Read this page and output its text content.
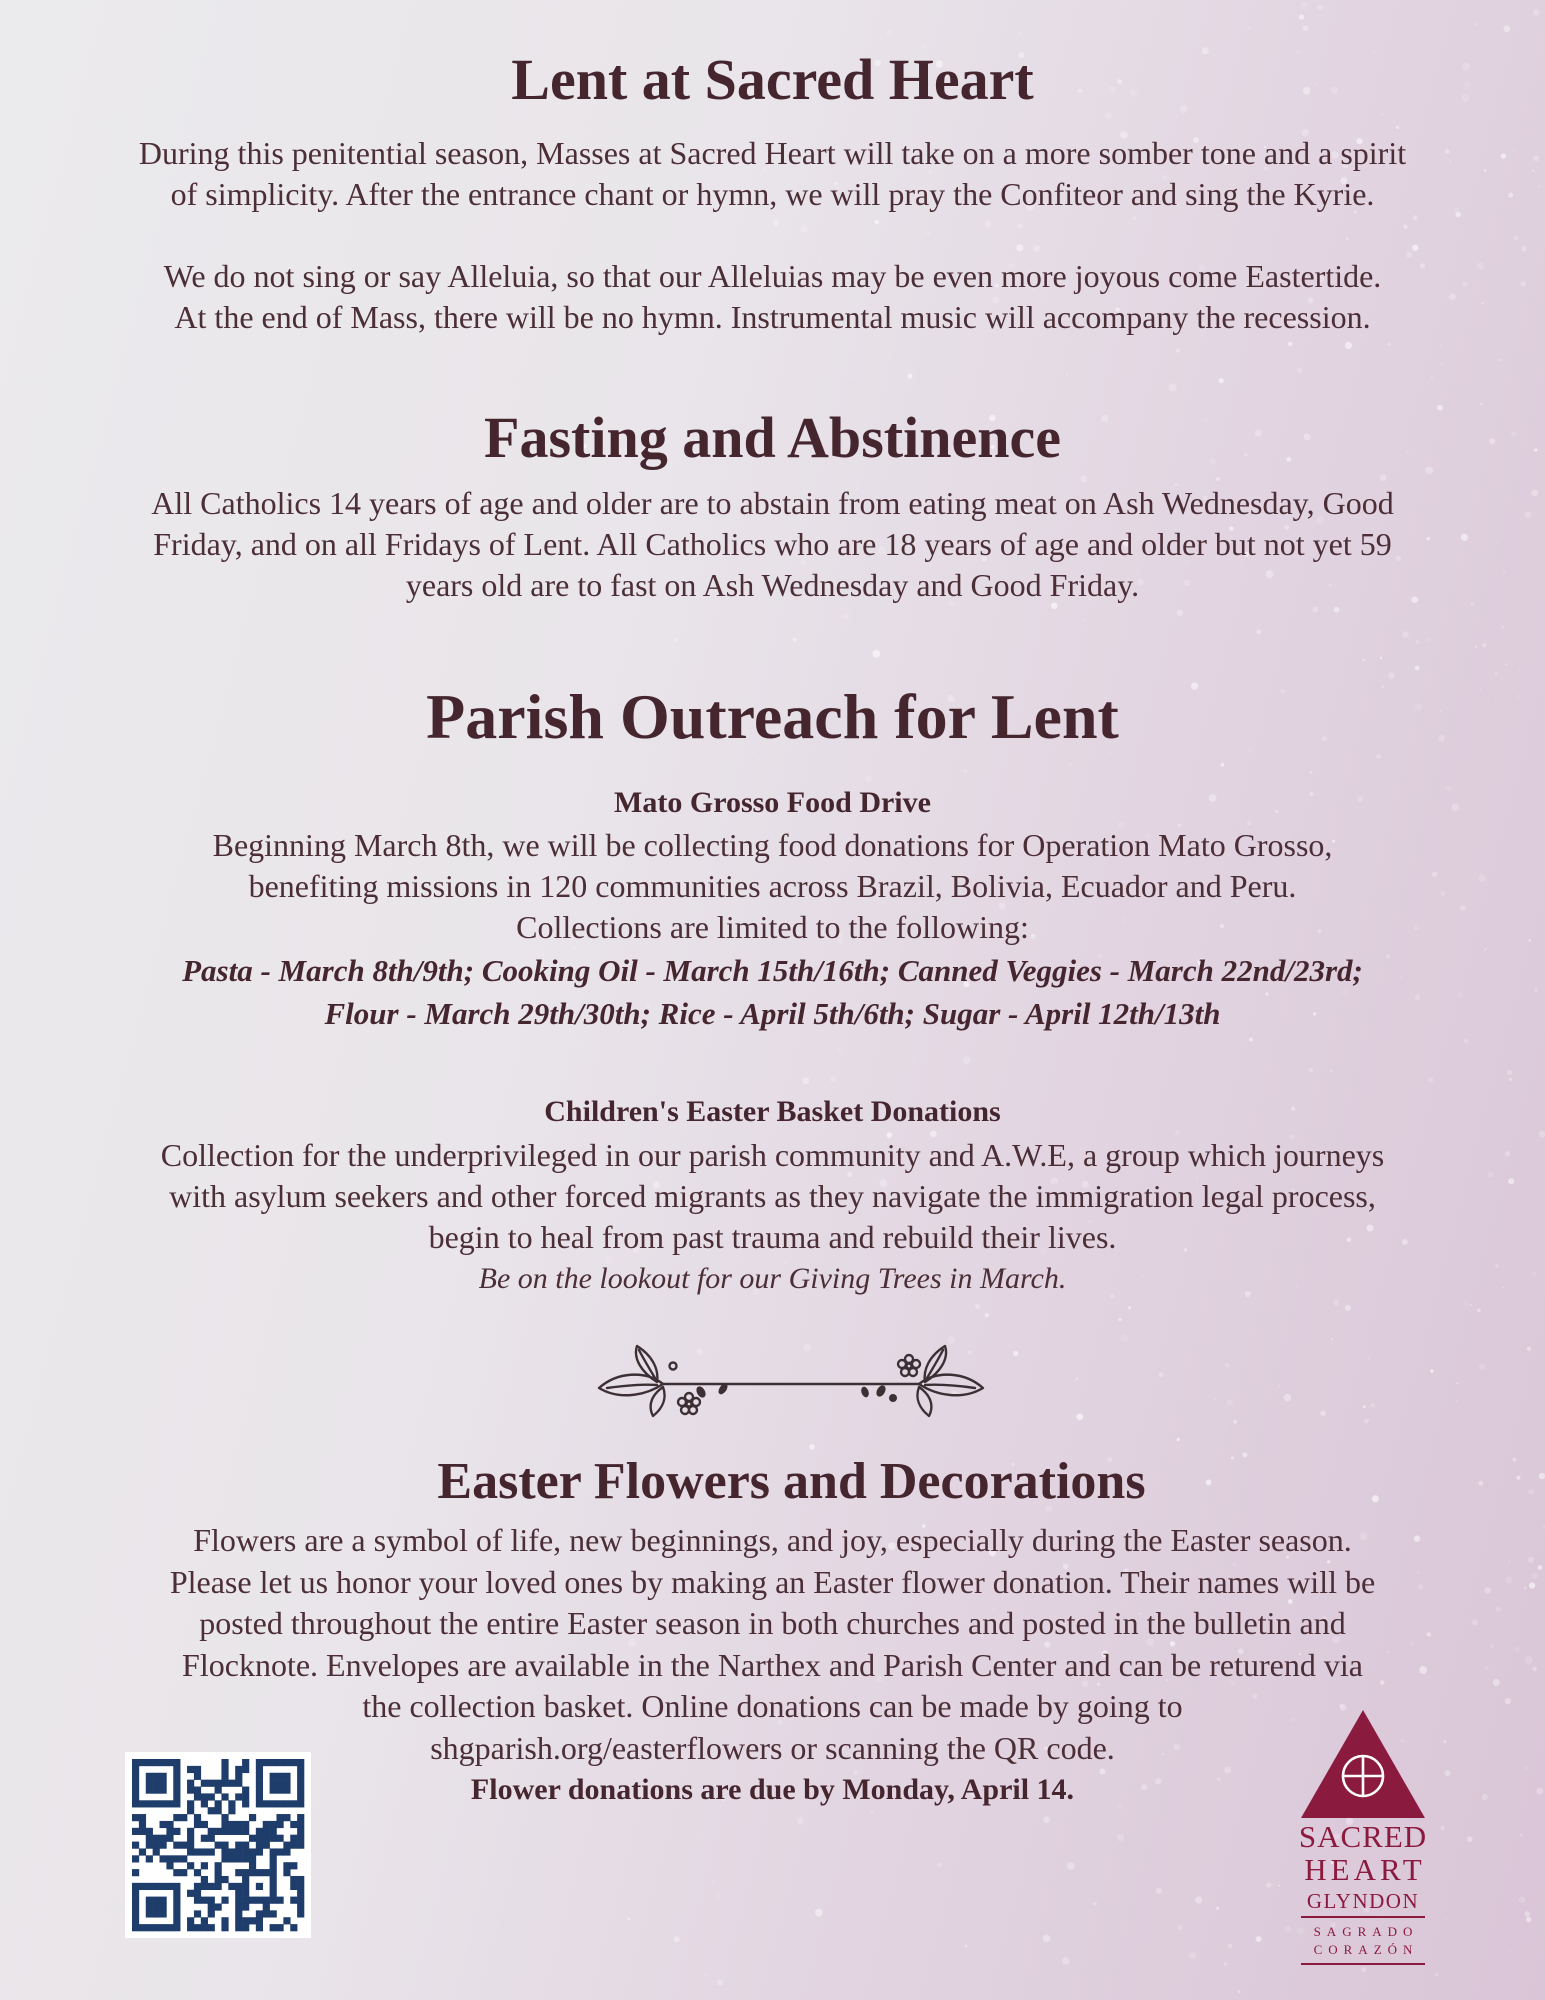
Lent at Sacred Heart
During this penitential season, Masses at Sacred Heart will take on a more somber tone and a spirit
of simplicity. After the entrance chant or hymn, we will pray the Confiteor and sing the Kyrie.
We do not sing or say Alleluia, so that our Alleluias may be even more joyous come Eastertide.
At the end of Mass, there will be no hymn. Instrumental music will accompany the recession.
Fasting and Abstinence
All Catholics 14 years of age and older are to abstain from eating meat on Ash Wednesday, Good
Friday, and on all Fridays of Lent. All Catholics who are 18 years of age and older but not yet 59
years old are to fast on Ash Wednesday and Good Friday.
Parish Outreach for Lent
Mato Grosso Food Drive
Beginning March 8th, we will be collecting food donations for Operation Mato Grosso,
benefiting missions in 120 communities across Brazil, Bolivia, Ecuador and Peru.
Collections are limited to the following:
Pasta - March 8th/9th; Cooking Oil - March 15th/16th; Canned Veggies - March 22nd/23rd;
Flour - March 29th/30th; Rice - April 5th/6th; Sugar - April 12th/13th
Children's Easter Basket Donations
Collection for the underprivileged in our parish community and A.W.E, a group which journeys
with asylum seekers and other forced migrants as they navigate the immigration legal process,
begin to heal from past trauma and rebuild their lives.
Be on the lookout for our Giving Trees in March.
Easter Flowers and Decorations
Flowers are a symbol of life, new beginnings, and joy, especially during the Easter season.
Please let us honor your loved ones by making an Easter flower donation. Their names will be
posted throughout the entire Easter season in both churches and posted in the bulletin and
Flocknote. Envelopes are available in the Narthex and Parish Center and can be returend via
the collection basket. Online donations can be made by going to
shgparish.org/easterflowers or scanning the QR code.
Flower donations are due by Monday, April 14.
SACRED
HEART
GLYNDON
SAGRADO
CORAZÓN
